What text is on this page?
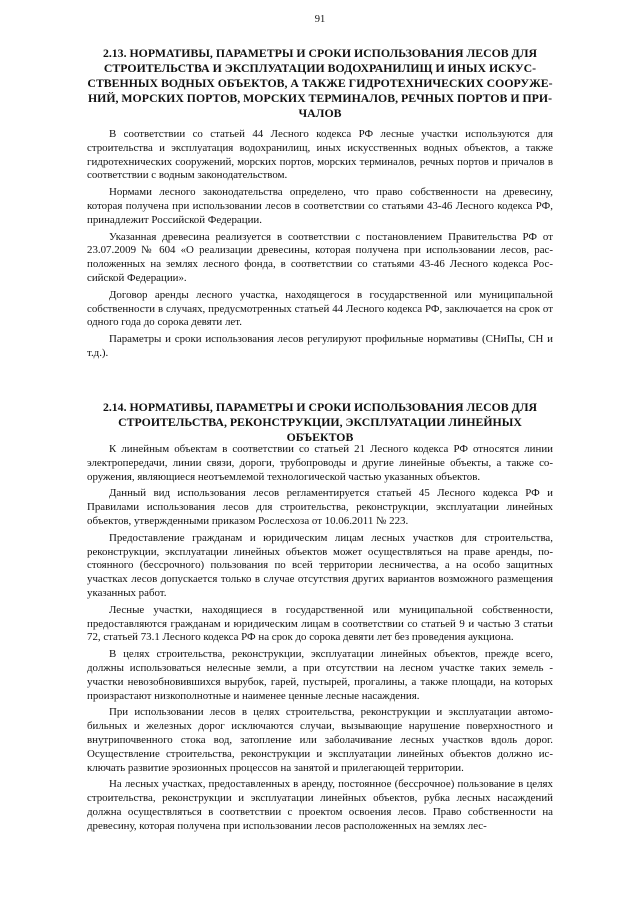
91
2.13. НОРМАТИВЫ, ПАРАМЕТРЫ И СРОКИ ИСПОЛЬЗОВАНИЯ ЛЕСОВ ДЛЯ СТРОИТЕЛЬСТВА И ЭКСПЛУАТАЦИИ ВОДОХРАНИЛИЩ И ИНЫХ ИСКУССТВЕННЫХ ВОДНЫХ ОБЪЕКТОВ, А ТАКЖЕ ГИДРОТЕХНИЧЕСКИХ СООРУЖЕНИЙ, МОРСКИХ ПОРТОВ, МОРСКИХ ТЕРМИНАЛОВ, РЕЧНЫХ ПОРТОВ И ПРИЧАЛОВ

В соответствии со статьей 44 Лесного кодекса РФ лесные участки используются для строительства и эксплуатация водохранилищ, иных искусственных водных объектов, а также гидротехнических сооружений, морских портов, морских терминалов, речных портов и причалов в соответствии с водным законодательством.

Нормами лесного законодательства определено, что право собственности на древесину, которая получена при использовании лесов в соответствии со статьями 43-46 Лесного кодекса РФ, принадлежит Российской Федерации.

Указанная древесина реализуется в соответствии с постановлением Правительства РФ от 23.07.2009 № 604 «О реализации древесины, которая получена при использовании лесов, расположенных на землях лесного фонда, в соответствии со статьями 43-46 Лесного кодекса Российской Федерации».

Договор аренды лесного участка, находящегося в государственной или муниципальной собственности в случаях, предусмотренных статьей 44 Лесного кодекса РФ, заключается на срок от одного года до сорока девяти лет.

Параметры и сроки использования лесов регулируют профильные нормативы (СНиПы, СН и т.д.).

2.14. НОРМАТИВЫ, ПАРАМЕТРЫ И СРОКИ ИСПОЛЬЗОВАНИЯ ЛЕСОВ ДЛЯ СТРОИТЕЛЬСТВА, РЕКОНСТРУКЦИИ, ЭКСПЛУАТАЦИИ ЛИНЕЙНЫХ ОБЪЕКТОВ

К линейным объектам в соответствии со статьей 21 Лесного кодекса РФ относятся линии электропередачи, линии связи, дороги, трубопроводы и другие линейные объекты, а также сооружения, являющиеся неотъемлемой технологической частью указанных объектов.

Данный вид использования лесов регламентируется статьей 45 Лесного кодекса РФ и Правилами использования лесов для строительства, реконструкции, эксплуатации линейных объектов, утвержденными приказом Рослесхоза от 10.06.2011 № 223.

Предоставление гражданам и юридическим лицам лесных участков для строительства, реконструкции, эксплуатации линейных объектов может осуществляться на праве аренды, постоянного (бессрочного) пользования по всей территории лесничества, а на особо защитных участках лесов допускается только в случае отсутствия других вариантов возможного размещения указанных работ.

Лесные участки, находящиеся в государственной или муниципальной собственности, предоставляются гражданам и юридическим лицам в соответствии со статьей 9 и частью 3 статьи 72, статьей 73.1 Лесного кодекса РФ на срок до сорока девяти лет без проведения аукциона.

В целях строительства, реконструкции, эксплуатации линейных объектов, прежде всего, должны использоваться нелесные земли, а при отсутствии на лесном участке таких земель - участки невозобновившихся вырубок, гарей, пустырей, прогалины, а также площади, на которых произрастают низкополнотные и наименее ценные лесные насаждения.

При использовании лесов в целях строительства, реконструкции и эксплуатации автомобильных и железных дорог исключаются случаи, вызывающие нарушение поверхностного и внутрипочвенного стока вод, затопление или заболачивание лесных участков вдоль дорог. Осуществление строительства, реконструкции и эксплуатации линейных объектов должно исключать развитие эрозионных процессов на занятой и прилегающей территории.

На лесных участках, предоставленных в аренду, постоянное (бессрочное) пользование в целях строительства, реконструкции и эксплуатации линейных объектов, рубка лесных насаждений должна осуществляться в соответствии с проектом освоения лесов. Право собственности на древесину, которая получена при использовании лесов расположенных на землях лес-
